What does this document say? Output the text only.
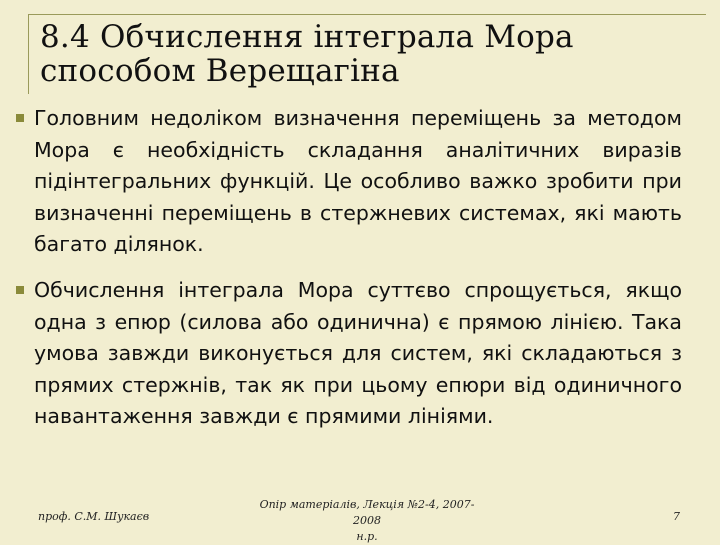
8.4 Обчислення інтеграла Мора способом Верещагіна
Головним недоліком визначення переміщень за методом Мора є необхідність складання аналітичних виразів підінтегральних функцій. Це особливо важко зробити при визначенні переміщень в стержневих системах, які мають багато ділянок.
Обчислення інтеграла Мора суттєво спрощується, якщо одна з епюр (силова або одинична) є прямою лінією. Така умова завжди виконується для систем, які складаються з прямих стержнів, так як при цьому епюри від одиничного навантаження завжди є прямими лініями.
проф. С.М. Шукаєв
Опір матеріалів, Лекція №2-4, 2007-2008
н.р.
7
